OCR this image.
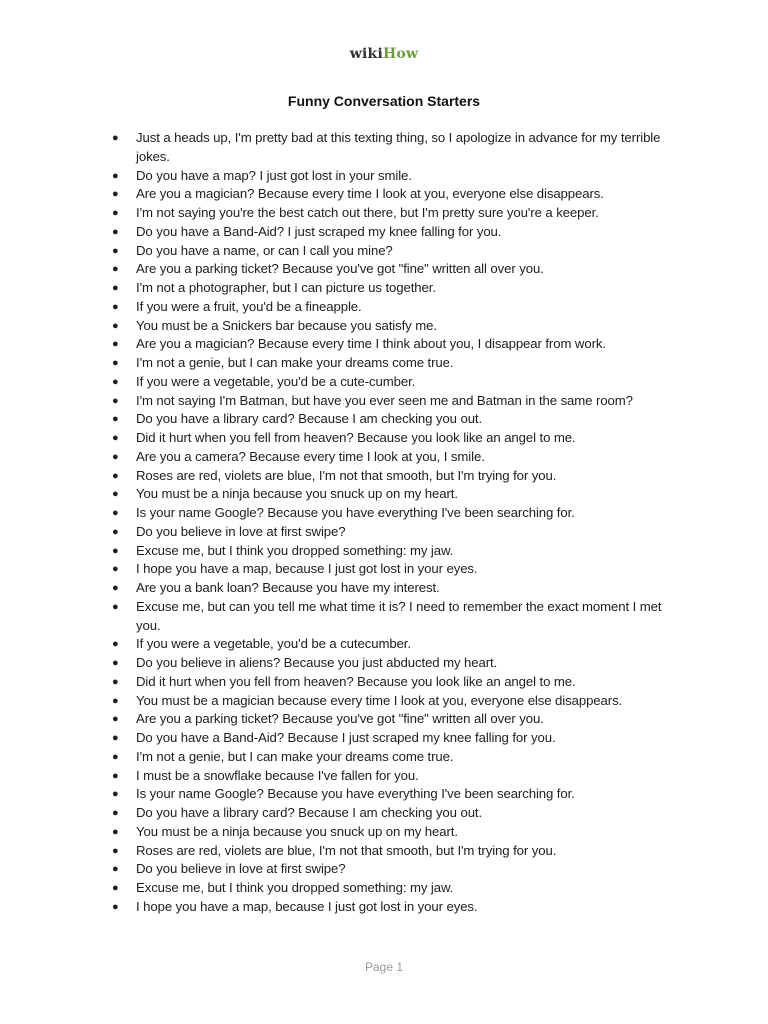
wikiHow
Funny Conversation Starters
●	Just a heads up, I'm pretty bad at this texting thing, so I apologize in advance for my terrible jokes.
●	Do you have a map? I just got lost in your smile.
●	Are you a magician? Because every time I look at you, everyone else disappears.
●	I'm not saying you're the best catch out there, but I'm pretty sure you're a keeper.
●	Do you have a Band-Aid? I just scraped my knee falling for you.
●	Do you have a name, or can I call you mine?
●	Are you a parking ticket? Because you've got "fine" written all over you.
●	I'm not a photographer, but I can picture us together.
●	If you were a fruit, you'd be a fineapple.
●	You must be a Snickers bar because you satisfy me.
●	Are you a magician? Because every time I think about you, I disappear from work.
●	I'm not a genie, but I can make your dreams come true.
●	If you were a vegetable, you'd be a cute-cumber.
●	I'm not saying I'm Batman, but have you ever seen me and Batman in the same room?
●	Do you have a library card? Because I am checking you out.
●	Did it hurt when you fell from heaven? Because you look like an angel to me.
●	Are you a camera? Because every time I look at you, I smile.
●	Roses are red, violets are blue, I'm not that smooth, but I'm trying for you.
●	You must be a ninja because you snuck up on my heart.
●	Is your name Google? Because you have everything I've been searching for.
●	Do you believe in love at first swipe?
●	Excuse me, but I think you dropped something: my jaw.
●	I hope you have a map, because I just got lost in your eyes.
●	Are you a bank loan? Because you have my interest.
●	Excuse me, but can you tell me what time it is? I need to remember the exact moment I met you.
●	If you were a vegetable, you'd be a cutecumber.
●	Do you believe in aliens? Because you just abducted my heart.
●	Did it hurt when you fell from heaven? Because you look like an angel to me.
●	You must be a magician because every time I look at you, everyone else disappears.
●	Are you a parking ticket? Because you've got "fine" written all over you.
●	Do you have a Band-Aid? Because I just scraped my knee falling for you.
●	I'm not a genie, but I can make your dreams come true.
●	I must be a snowflake because I've fallen for you.
●	Is your name Google? Because you have everything I've been searching for.
●	Do you have a library card? Because I am checking you out.
●	You must be a ninja because you snuck up on my heart.
●	Roses are red, violets are blue, I'm not that smooth, but I'm trying for you.
●	Do you believe in love at first swipe?
●	Excuse me, but I think you dropped something: my jaw.
●	I hope you have a map, because I just got lost in your eyes.
Page 1
